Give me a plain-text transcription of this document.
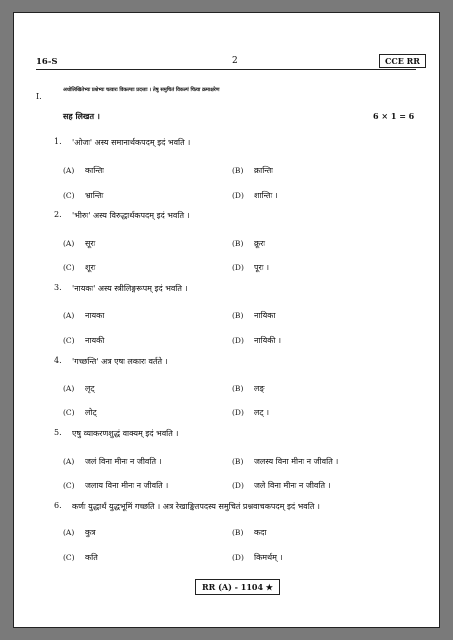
16-S	2	CCE RR
I.
अधोलिखितेभ्यः प्रश्नेभ्यः चत्वारः विकल्पाः प्रदत्ताः । तेषु समुचितं विकल्पं चित्वा क्रमाक्षरेण
सह लिखत ।	6 × 1 = 6
1. 'ओजः' अस्य समानार्थकपदम् इदं भवति ।
(A) कान्तिः	(B) क्रान्तिः
(C) भ्रान्तिः	(D) शान्तिः ।
2. 'भीरुः' अस्य विरुद्धार्थकपदम् इदं भवति ।
(A) सूरः	(B) क्रूरः
(C) शूरः	(D) पूरः ।
3. 'नायकः' अस्य स्त्रीलिङ्गरूपम् इदं भवति ।
(A) नायका	(B) नायिका
(C) नायकी	(D) नायिकी ।
4. 'गच्छन्ति' अत्र एषः लकारः वर्तते ।
(A) लृट्	(B) लङ्
(C) लोट्	(D) लट् ।
5. एषु व्याकरणशुद्धं वाक्यम् इदं भवति ।
(A) जलं विना मीनः न जीवति ।	(B) जलस्य विना मीनः न जीवति ।
(C) जलाय विना मीनः न जीवति ।	(D) जले विना मीनः न जीवति ।
6. कर्णः युद्धार्थं युद्धभूमिं गच्छति । अत्र रेखाङ्कितपदस्य समुचितं प्रश्नवाचकपदम् इदं भवति ।
(A) कुत्र	(B) कदा
(C) कति	(D) किमर्थम् ।
RR (A) - 1104 ★
